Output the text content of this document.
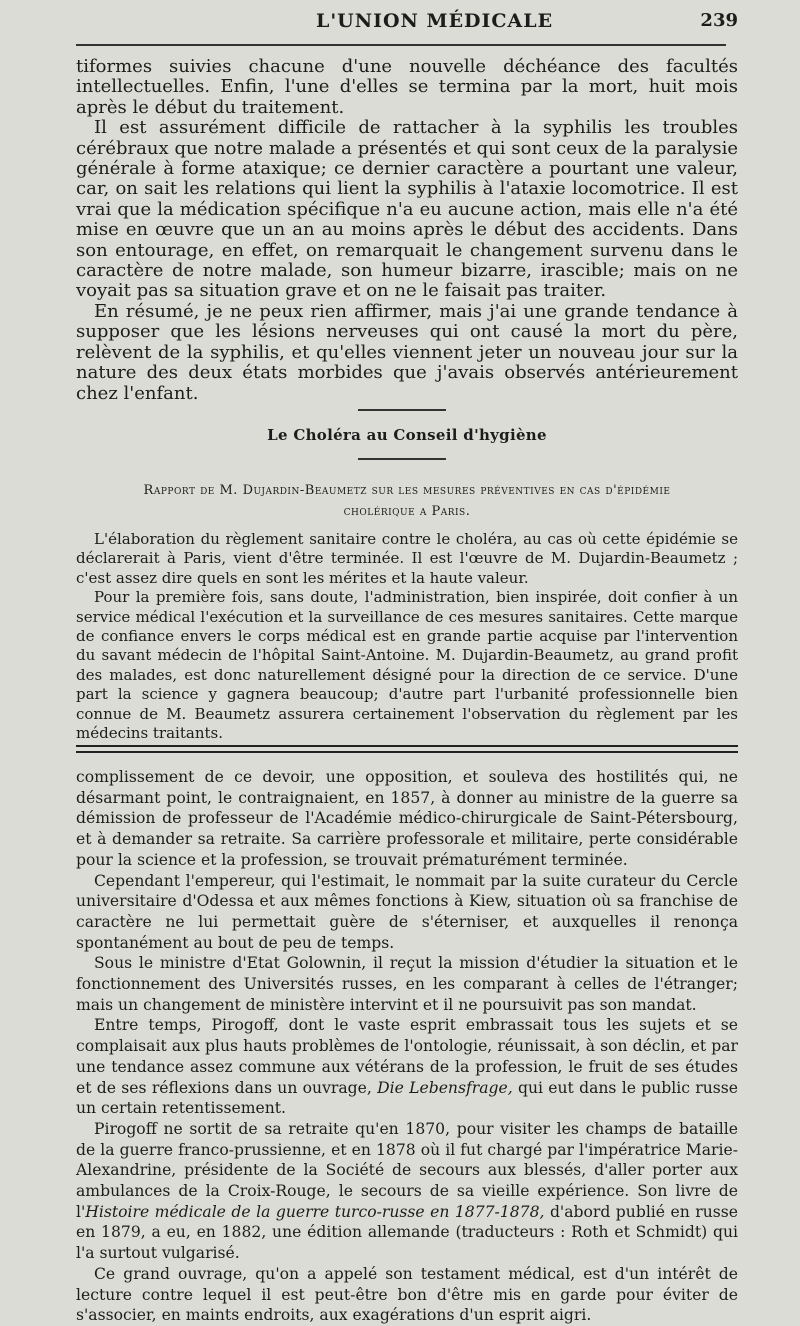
L'UNION MÉDICALE	239

tiformes suivies chacune d'une nouvelle déchéance des facultés intellectuelles. Enfin, l'une d'elles se termina par la mort, huit mois après le début du traitement.

Il est assurément difficile de rattacher à la syphilis les troubles cérébraux que notre malade a présentés et qui sont ceux de la paralysie générale à forme ataxique; ce dernier caractère a pourtant une valeur, car, on sait les relations qui lient la syphilis à l'ataxie locomotrice. Il est vrai que la médication spécifique n'a eu aucune action, mais elle n'a été mise en œuvre que un an au moins après le début des accidents. Dans son entourage, en effet, on remarquait le changement survenu dans le caractère de notre malade, son humeur bizarre, irascible; mais on ne voyait pas sa situation grave et on ne le faisait pas traiter.

En résumé, je ne peux rien affirmer, mais j'ai une grande tendance à supposer que les lésions nerveuses qui ont causé la mort du père, relèvent de la syphilis, et qu'elles viennent jeter un nouveau jour sur la nature des deux états morbides que j'avais observés antérieurement chez l'enfant.

Le Choléra au Conseil d'hygiène
Rapport de M. Dujardin-Beaumetz sur les mesures préventives en cas d'épidémie
cholérique a Paris.

L'élaboration du règlement sanitaire contre le choléra, au cas où cette épidémie se déclarerait à Paris, vient d'être terminée. Il est l'œuvre de M. Dujardin-Beaumetz ; c'est assez dire quels en sont les mérites et la haute valeur.

Pour la première fois, sans doute, l'administration, bien inspirée, doit confier à un service médical l'exécution et la surveillance de ces mesures sanitaires. Cette marque de confiance envers le corps médical est en grande partie acquise par l'intervention du savant médecin de l'hôpital Saint-Antoine. M. Dujardin-Beaumetz, au grand profit des malades, est donc naturellement désigné pour la direction de ce service. D'une part la science y gagnera beaucoup; d'autre part l'urbanité professionnelle bien connue de M. Beaumetz assurera certainement l'observation du règlement par les médecins traitants.

complissement de ce devoir, une opposition, et souleva des hostilités qui, ne désarmant point, le contraignaient, en 1857, à donner au ministre de la guerre sa démission de professeur de l'Académie médico-chirurgicale de Saint-Pétersbourg, et à demander sa retraite. Sa carrière professorale et militaire, perte considérable pour la science et la profession, se trouvait prématurément terminée.

Cependant l'empereur, qui l'estimait, le nommait par la suite curateur du Cercle universitaire d'Odessa et aux mêmes fonctions à Kiew, situation où sa franchise de caractère ne lui permettait guère de s'éterniser, et auxquelles il renonça spontanément au bout de peu de temps.

Sous le ministre d'Etat Golownin, il reçut la mission d'étudier la situation et le fonctionnement des Universités russes, en les comparant à celles de l'étranger; mais un changement de ministère intervint et il ne poursuivit pas son mandat.

Entre temps, Pirogoff, dont le vaste esprit embrassait tous les sujets et se complaisait aux plus hauts problèmes de l'ontologie, réunissait, à son déclin, et par une tendance assez commune aux vétérans de la profession, le fruit de ses études et de ses réflexions dans un ouvrage, Die Lebensfrage, qui eut dans le public russe un certain retentissement.

Pirogoff ne sortit de sa retraite qu'en 1870, pour visiter les champs de bataille de la guerre franco-prussienne, et en 1878 où il fut chargé par l'impératrice Marie-Alexandrine, présidente de la Société de secours aux blessés, d'aller porter aux ambulances de la Croix-Rouge, le secours de sa vieille expérience. Son livre de l'Histoire médicale de la guerre turco-russe en 1877-1878, d'abord publié en russe en 1879, a eu, en 1882, une édition allemande (traducteurs : Roth et Schmidt) qui l'a surtout vulgarisé.

Ce grand ouvrage, qu'on a appelé son testament médical, est d'un intérêt de lecture contre lequel il est peut-être bon d'être mis en garde pour éviter de s'associer, en maints endroits, aux exagérations d'un esprit aigri.
